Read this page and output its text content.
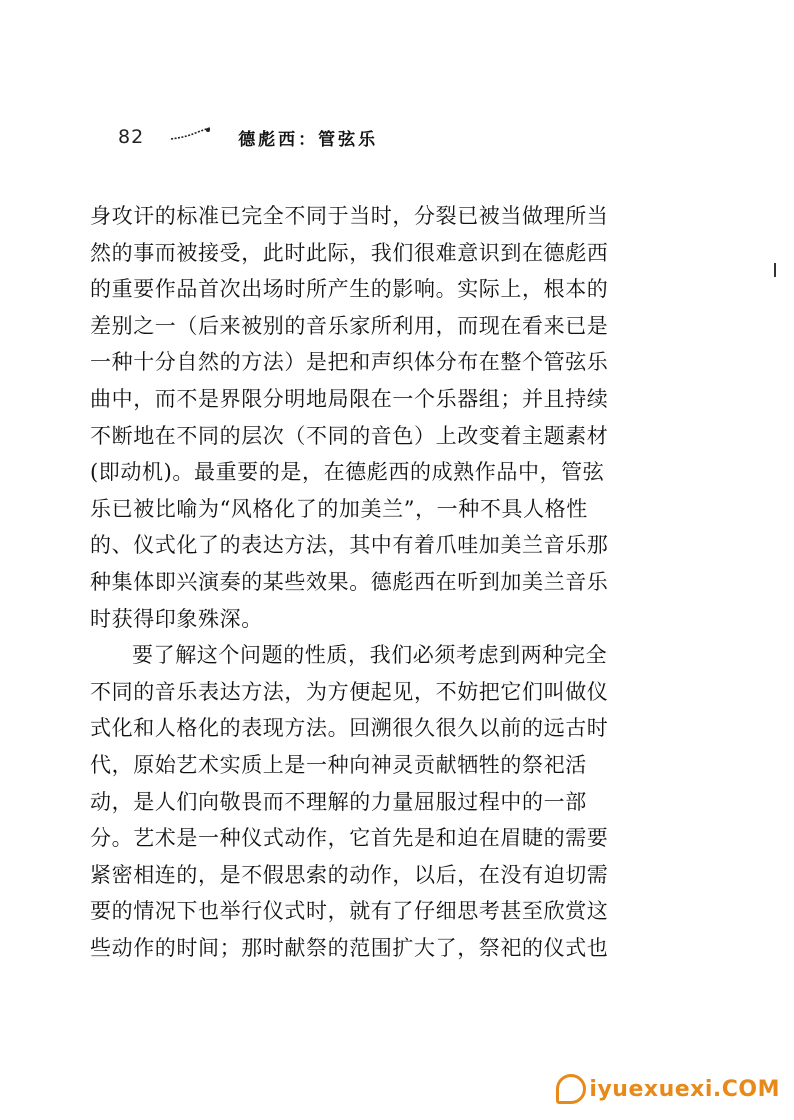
82	德彪西：管弦乐
身攻讦的标准已完全不同于当时，分裂已被当做理所当
然的事而被接受，此时此际，我们很难意识到在德彪西
的重要作品首次出场时所产生的影响。实际上，根本的
差别之一（后来被别的音乐家所利用，而现在看来已是
一种十分自然的方法）是把和声织体分布在整个管弦乐
曲中，而不是界限分明地局限在一个乐器组；并且持续
不断地在不同的层次（不同的音色）上改变着主题素材
(即动机)。最重要的是，在德彪西的成熟作品中，管弦
乐已被比喻为“风格化了的加美兰”，一种不具人格性
的、仪式化了的表达方法，其中有着爪哇加美兰音乐那
种集体即兴演奏的某些效果。德彪西在听到加美兰音乐
时获得印象殊深。
要了解这个问题的性质，我们必须考虑到两种完全
不同的音乐表达方法，为方便起见，不妨把它们叫做仪
式化和人格化的表现方法。回溯很久很久以前的远古时
代，原始艺术实质上是一种向神灵贡献牺牲的祭祀活
动，是人们向敬畏而不理解的力量屈服过程中的一部
分。艺术是一种仪式动作，它首先是和迫在眉睫的需要
紧密相连的，是不假思索的动作，以后，在没有迫切需
要的情况下也举行仪式时，就有了仔细思考甚至欣赏这
些动作的时间；那时献祭的范围扩大了，祭祀的仪式也
iyuexuexi.COM
